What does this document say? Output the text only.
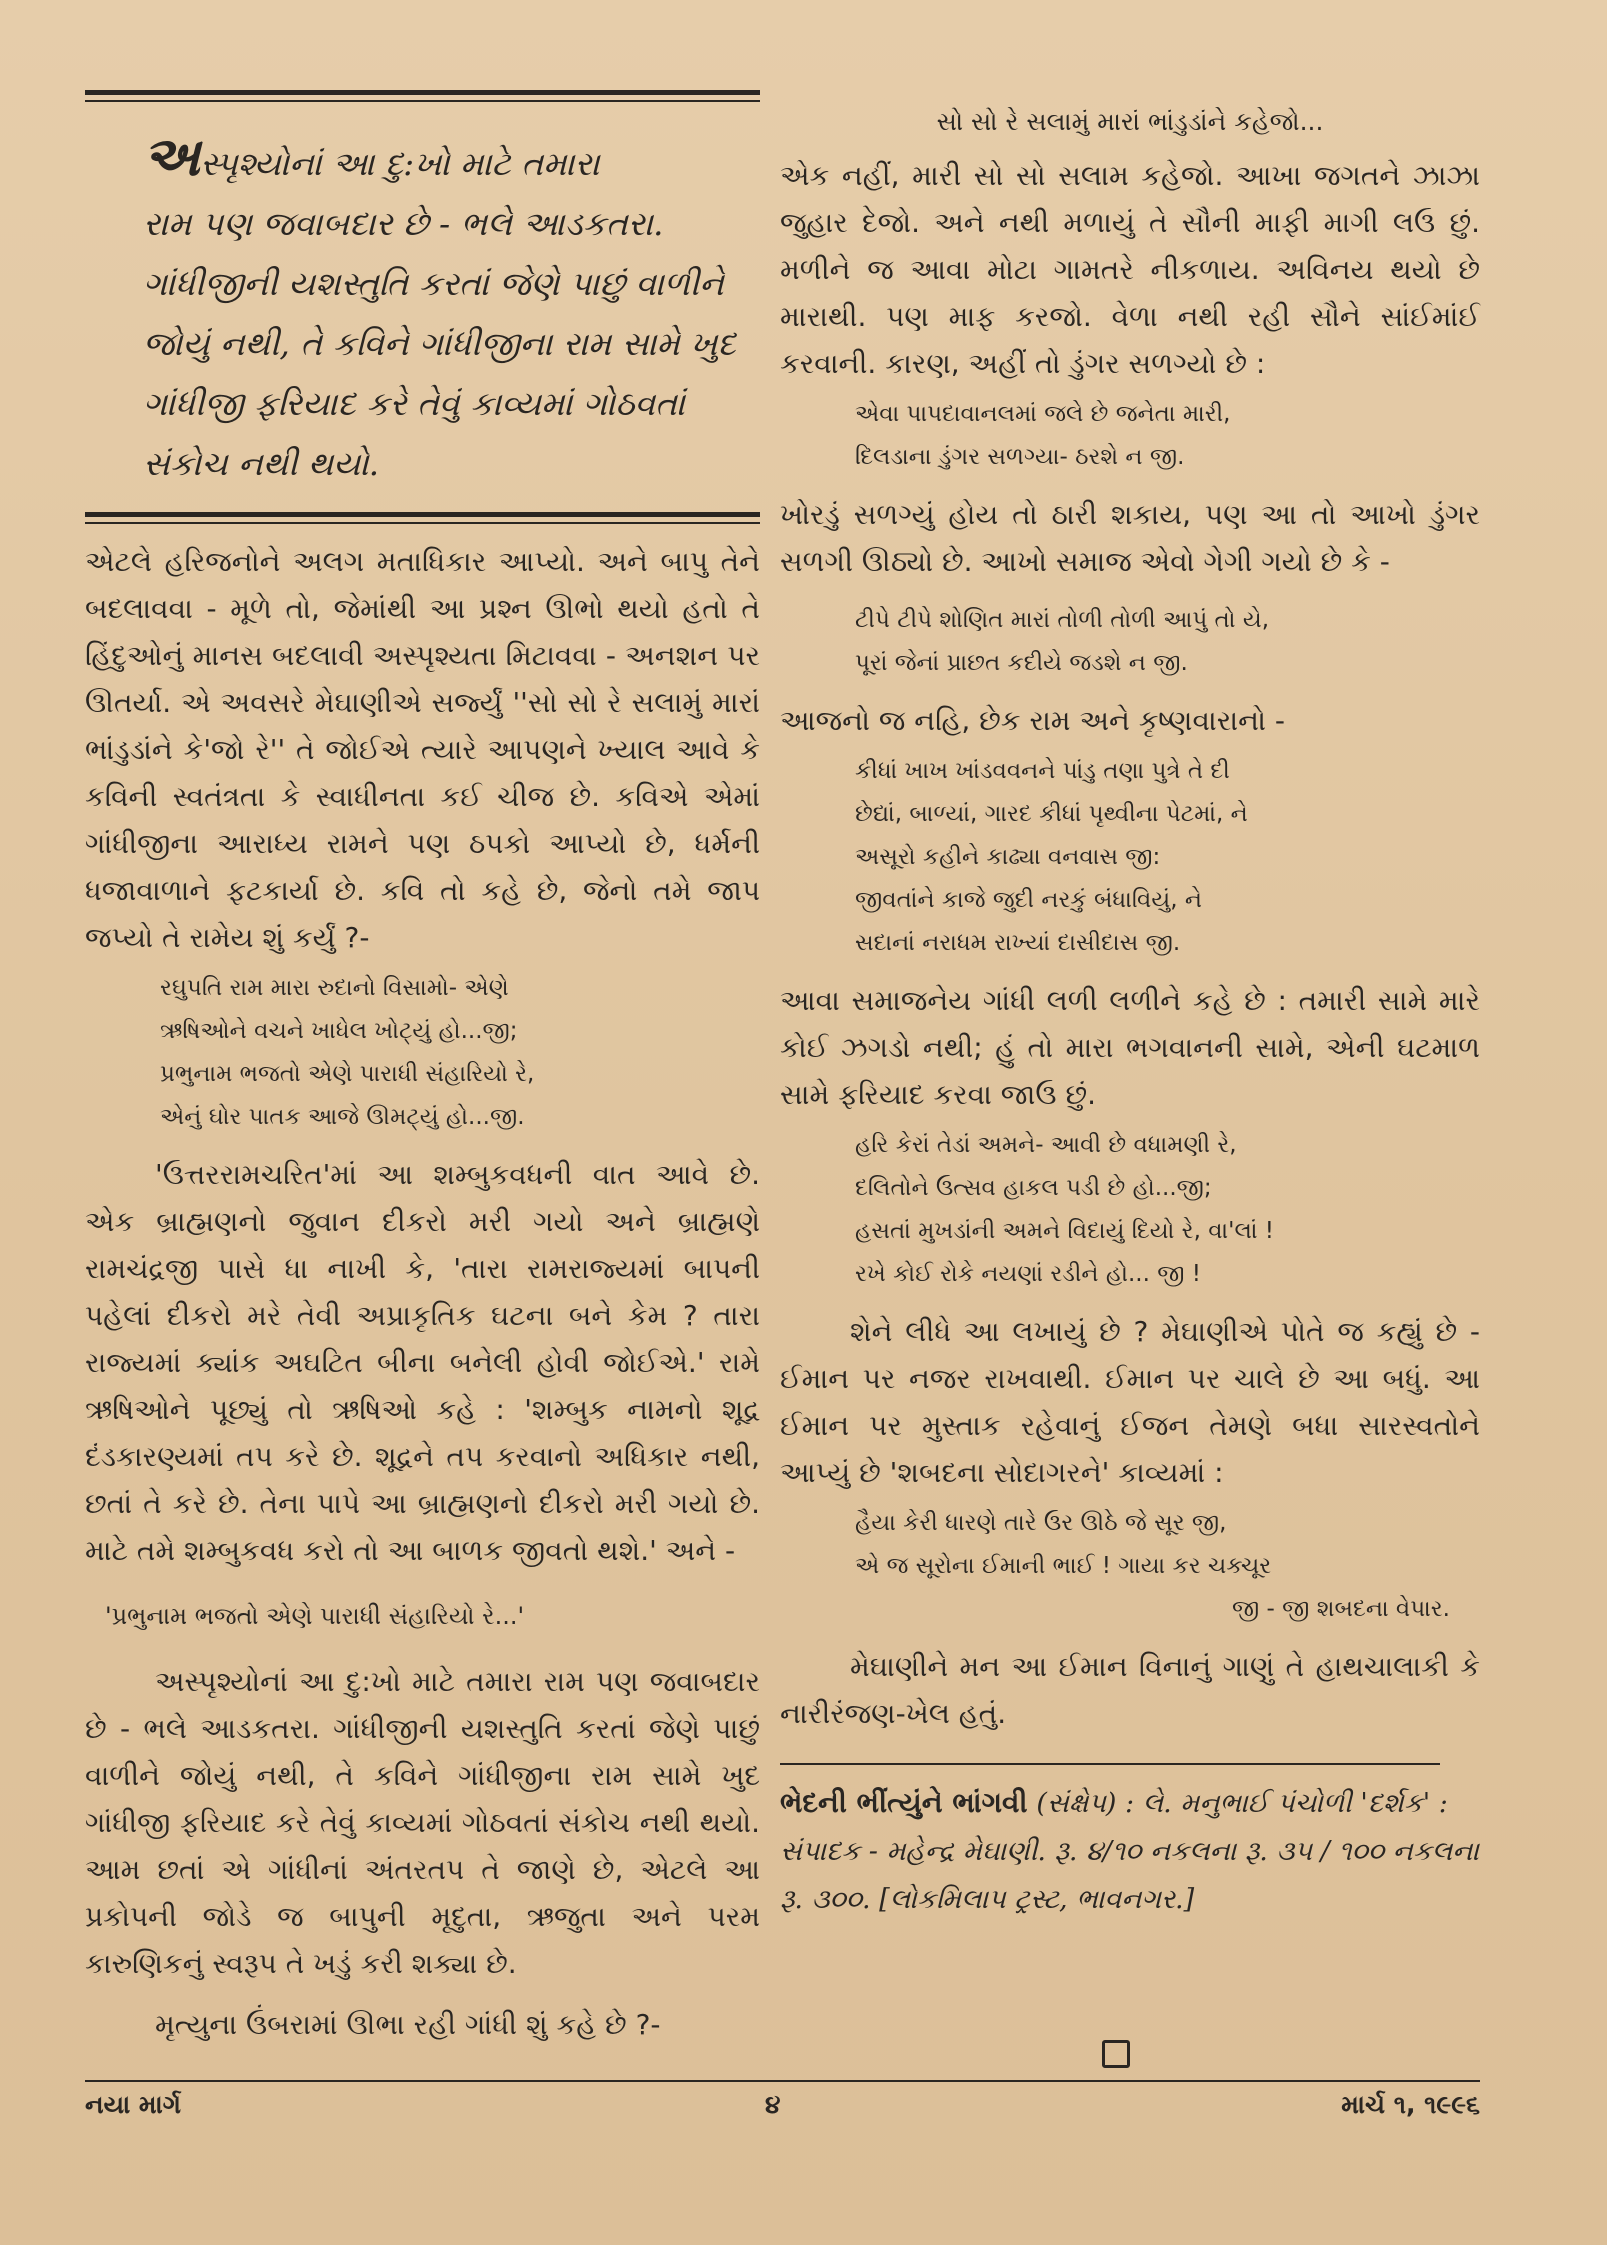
અસ્પૃશ્યોનાં આ દુ:ખો માટે તમારા
રામ પણ જવાબદાર છે - ભલે આડકતરા.
ગાંધીજીની યશસ્તુતિ કરતાં જેણે પાછું વાળીને
જોયું નથી, તે કવિને ગાંધીજીના રામ સામે ખુદ
ગાંધીજી ફરિયાદ કરે તેવું કાવ્યમાં ગોઠવતાં
સંકોચ નથી થયો.

એટલે હરિજનોને અલગ મતાધિકાર આપ્યો. અને બાપુ તેને બદલાવવા - મૂળે તો, જેમાંથી આ પ્રશ્ન ઊભો થયો હતો તે હિંદુઓનું માનસ બદલાવી અસ્પૃશ્યતા મિટાવવા - અનશન પર ઊતર્યા. એ અવસરે મેઘાણીએ સર્જ્યું ''સો સો રે સલામું મારાં ભાંડુડાંને કે'જો રે'' તે જોઈએ ત્યારે આપણને ખ્યાલ આવે કે કવિની સ્વતંત્રતા કે સ્વાધીનતા કઈ ચીજ છે. કવિએ એમાં ગાંધીજીના આરાધ્ય રામને પણ ઠપકો આપ્યો છે, ધર્મની ધજાવાળાને ફટકાર્યા છે. કવિ તો કહે છે, જેનો તમે જાપ જપ્યો તે રામેય શું કર્યું ?-

રઘુપતિ રામ મારા રુદાનો વિસામો- એણે
ઋષિઓને વચને ખાધેલ ખોટ્યું હો...જી;
પ્રભુનામ ભજતો એણે પારાધી સંહારિયો રે,
એનું ઘોર પાતક આજે ઊમટ્યું હો...જી.

'ઉત્તરરામચરિત'માં આ શમ્બુકવધની વાત આવે છે. એક બ્રાહ્મણનો જુવાન દીકરો મરી ગયો અને બ્રાહ્મણે રામચંદ્રજી પાસે ધા નાખી કે, 'તારા રામરાજ્યમાં બાપની પહેલાં દીકરો મરે તેવી અપ્રાકૃતિક ઘટના બને કેમ ? તારા રાજ્યમાં ક્યાંક અઘટિત બીના બનેલી હોવી જોઈએ.' રામે ઋષિઓને પૂછ્યું તો ઋષિઓ કહે : 'શમ્બુક નામનો શૂદ્ર દંડકારણ્યમાં તપ કરે છે. શૂદ્રને તપ કરવાનો અધિકાર નથી, છતાં તે કરે છે. તેના પાપે આ બ્રાહ્મણનો દીકરો મરી ગયો છે. માટે તમે શમ્બુકવધ કરો તો આ બાળક જીવતો થશે.' અને -

'પ્રભુનામ ભજતો એણે પારાધી સંહારિયો રે...'

અસ્પૃશ્યોનાં આ દુ:ખો માટે તમારા રામ પણ જવાબદાર છે - ભલે આડકતરા. ગાંધીજીની યશસ્તુતિ કરતાં જેણે પાછું વાળીને જોયું નથી, તે કવિને ગાંધીજીના રામ સામે ખુદ ગાંધીજી ફરિયાદ કરે તેવું કાવ્યમાં ગોઠવતાં સંકોચ નથી થયો. આમ છતાં એ ગાંધીનાં અંતરતપ તે જાણે છે, એટલે આ પ્રકોપની જોડે જ બાપુની મૃદુતા, ઋજુતા અને પરમ કારુણિકનું સ્વરૂપ તે ખડું કરી શક્યા છે.

મૃત્યુના ઉંબરામાં ઊભા રહી ગાંધી શું કહે છે ?-

સો સો રે સલામું મારાં ભાંડુડાંને કહેજો...

એક નહીં, મારી સો સો સલામ કહેજો. આખા જગતને ઝાઝા જુહાર દેજો. અને નથી મળાયું તે સૌની માફી માગી લઉ છું. મળીને જ આવા મોટા ગામતરે નીકળાય. અવિનય થયો છે મારાથી. પણ માફ કરજો. વેળા નથી રહી સૌને સાંઈમાંઈ કરવાની. કારણ, અહીં તો ડુંગર સળગ્યો છે :

એવા પાપદાવાનલમાં જલે છે જનેતા મારી,
દિલડાના ડુંગર સળગ્યા- ઠરશે ન જી.

ખોરડું સળગ્યું હોય તો ઠારી શકાય, પણ આ તો આખો ડુંગર સળગી ઊઠ્યો છે. આખો સમાજ એવો ગેગી ગયો છે કે -

ટીપે ટીપે શોણિત મારાં તોળી તોળી આપું તો યે,
પૂરાં જેનાં પ્રાછત કદીયે જડશે ન જી.

આજનો જ નહિ, છેક રામ અને કૃષ્ણવારાનો -

કીધાં ખાખ ખાંડવવનને પાંડુ તણા પુત્રે તે દી
છેદ્યાં, બાળ્યાં, ગારદ કીધાં પૃથ્વીના પેટમાં, ને
અસૂરો કહીને કાઢ્યા વનવાસ જી:
જીવતાંને કાજે જુદી નરકું બંધાવિયું, ને
સદાનાં નરાધમ રાખ્યાં દાસીદાસ જી.

આવા સમાજનેય ગાંધી લળી લળીને કહે છે : તમારી સામે મારે કોઈ ઝગડો નથી; હું તો મારા ભગવાનની સામે, એની ઘટમાળ સામે ફરિયાદ કરવા જાઉ છું.

હરિ કેરાં તેડાં અમને- આવી છે વધામણી રે,
દલિતોને ઉત્સવ હાકલ પડી છે હો...જી;
હસતાં મુખડાંની અમને વિદાયું દિયો રે, વા'લાં !
રખે કોઈ રોકે નયણાં રડીને હો... જી !

શેને લીધે આ લખાયું છે ? મેઘાણીએ પોતે જ કહ્યું છે - ઈમાન પર નજર રાખવાથી. ઈમાન પર ચાલે છે આ બધું. આ ઈમાન પર મુસ્તાક રહેવાનું ઈજન તેમણે બધા સારસ્વતોને આપ્યું છે 'શબદના સોદાગરને' કાવ્યમાં :

હૈયા કેરી ધારણે તારે ઉર ઊઠે જે સૂર જી,
એ જ સૂરોના ઈમાની ભાઈ ! ગાયા કર ચક્ચૂર
જી - જી શબદના વેપાર.

મેઘાણીને મન આ ઈમાન વિનાનું ગાણું તે હાથચાલાકી કે નારીરંજણ-ખેલ હતું.

ભેદની ભીંત્યુંને ભાંગવી (સંક્ષેપ) : લે. મનુભાઈ પંચોળી 'દર્શક' : સંપાદક - મહેન્દ્ર મેઘાણી. રૂ. ૪/૧૦ નકલના રૂ. ૩૫ / ૧૦૦ નકલના રૂ. ૩૦૦. [લોકમિલાપ ટ્રસ્ટ, ભાવનગર.]

નયા માર્ગ	૪	માર્ચ ૧, ૧૯૯૬
